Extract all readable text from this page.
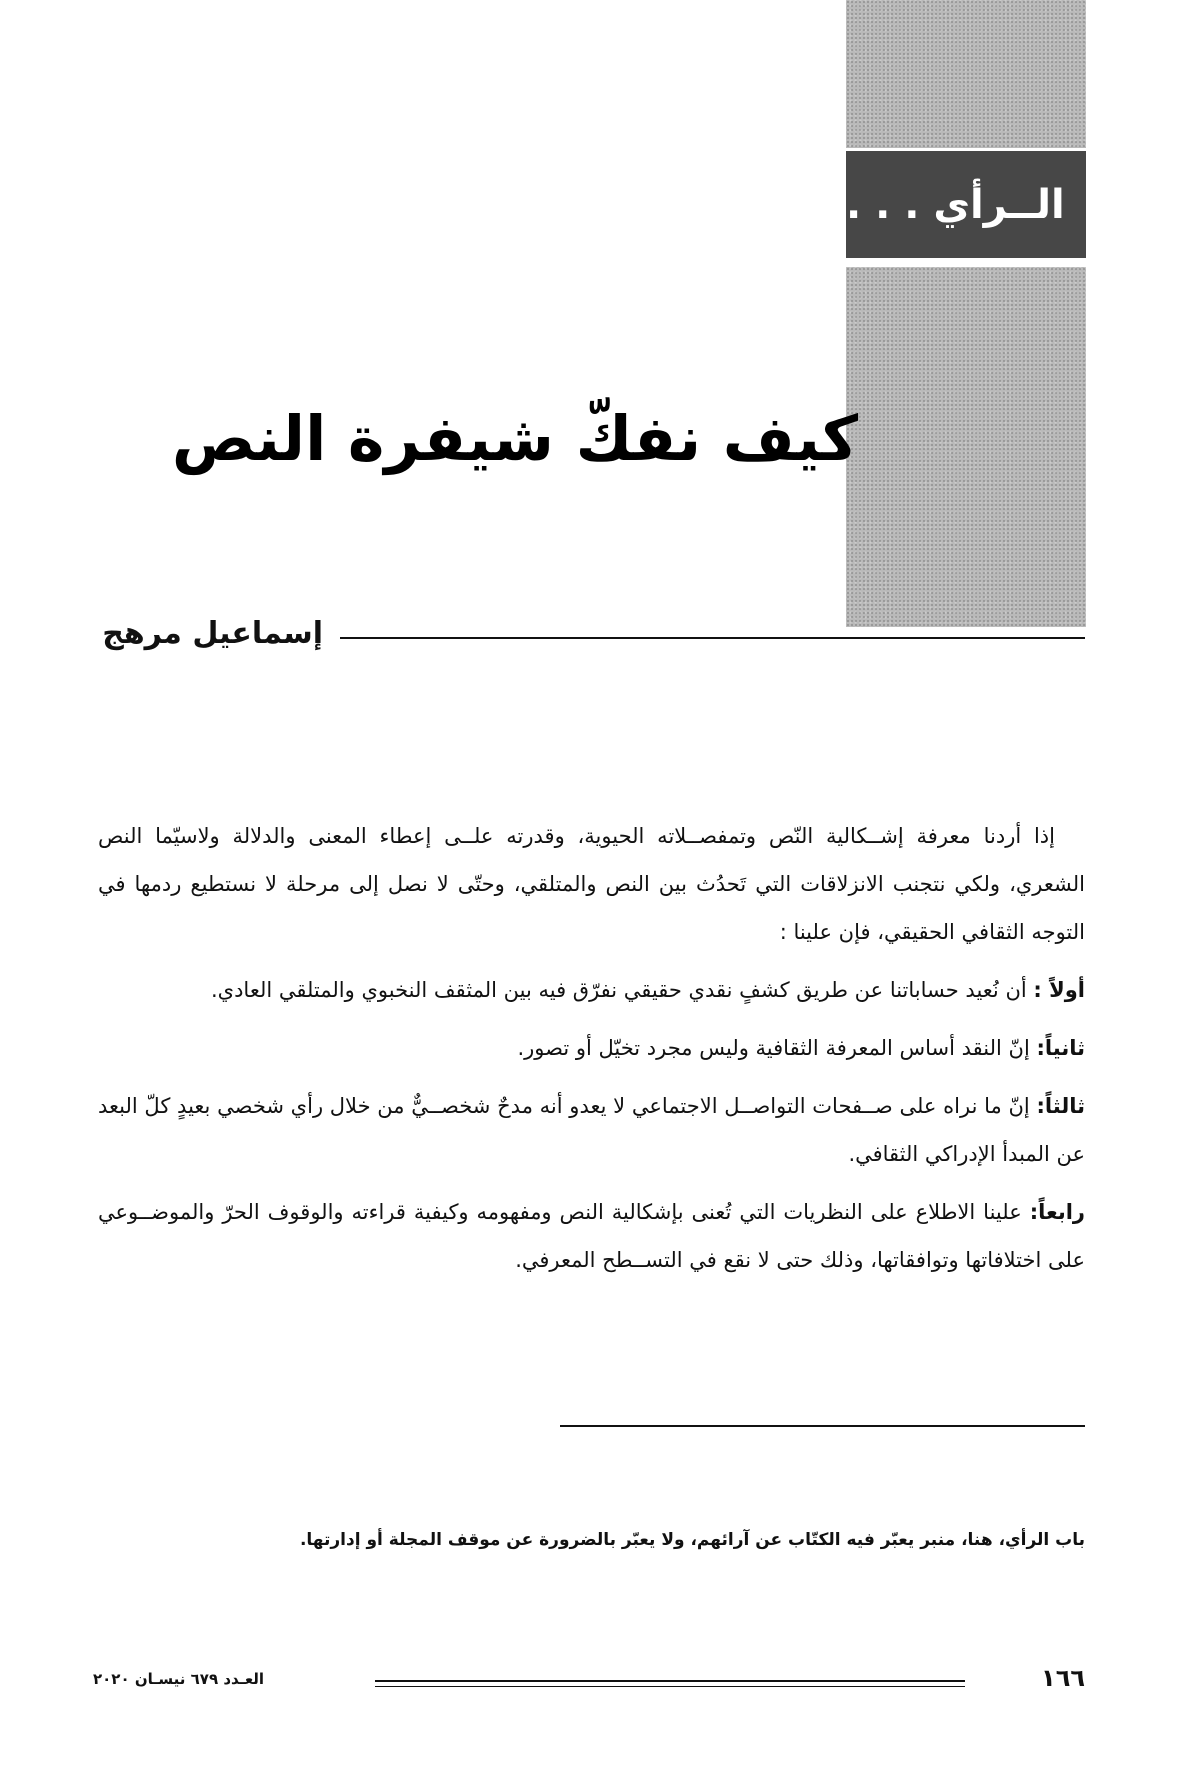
الــرأي . . .
كيف نفكّ شيفرة النص
إسماعيل مرهج

إذا أردنا معرفة إشــكالية النّص وتمفصــلاته الحيوية، وقدرته علــى إعطاء المعنى والدلالة ولاسيّما النص الشعري، ولكي نتجنب الانزلاقات التي تَحدُث بين النص والمتلقي، وحتّى لا نصل إلى مرحلة لا نستطيع ردمها في التوجه الثقافي الحقيقي، فإن علينا :

أولاً : أن نُعيد حساباتنا عن طريق كشفٍ نقدي حقيقي نفرّق فيه بين المثقف النخبوي والمتلقي العادي.

ثانياً: إنّ النقد أساس المعرفة الثقافية وليس مجرد تخيّل أو تصور.

ثالثاً: إنّ ما نراه على صــفحات التواصــل الاجتماعي لا يعدو أنه مدحٌ شخصــيٌّ من خلال رأي شخصي بعيدٍ كلّ البعد عن المبدأ الإدراكي الثقافي.

رابعاً: علينا الاطلاع على النظريات التي تُعنى بإشكالية النص ومفهومه وكيفية قراءته والوقوف الحرّ والموضــوعي على اختلافاتها وتوافقاتها، وذلك حتى لا نقع في التســطح المعرفي.

باب الرأي، هنا، منبر يعبّر فيه الكتّاب عن آرائهم، ولا يعبّر بالضرورة عن موقف المجلة أو إدارتها.
١٦٦
العـدد ٦٧٩ نيسـان ٢٠٢٠
